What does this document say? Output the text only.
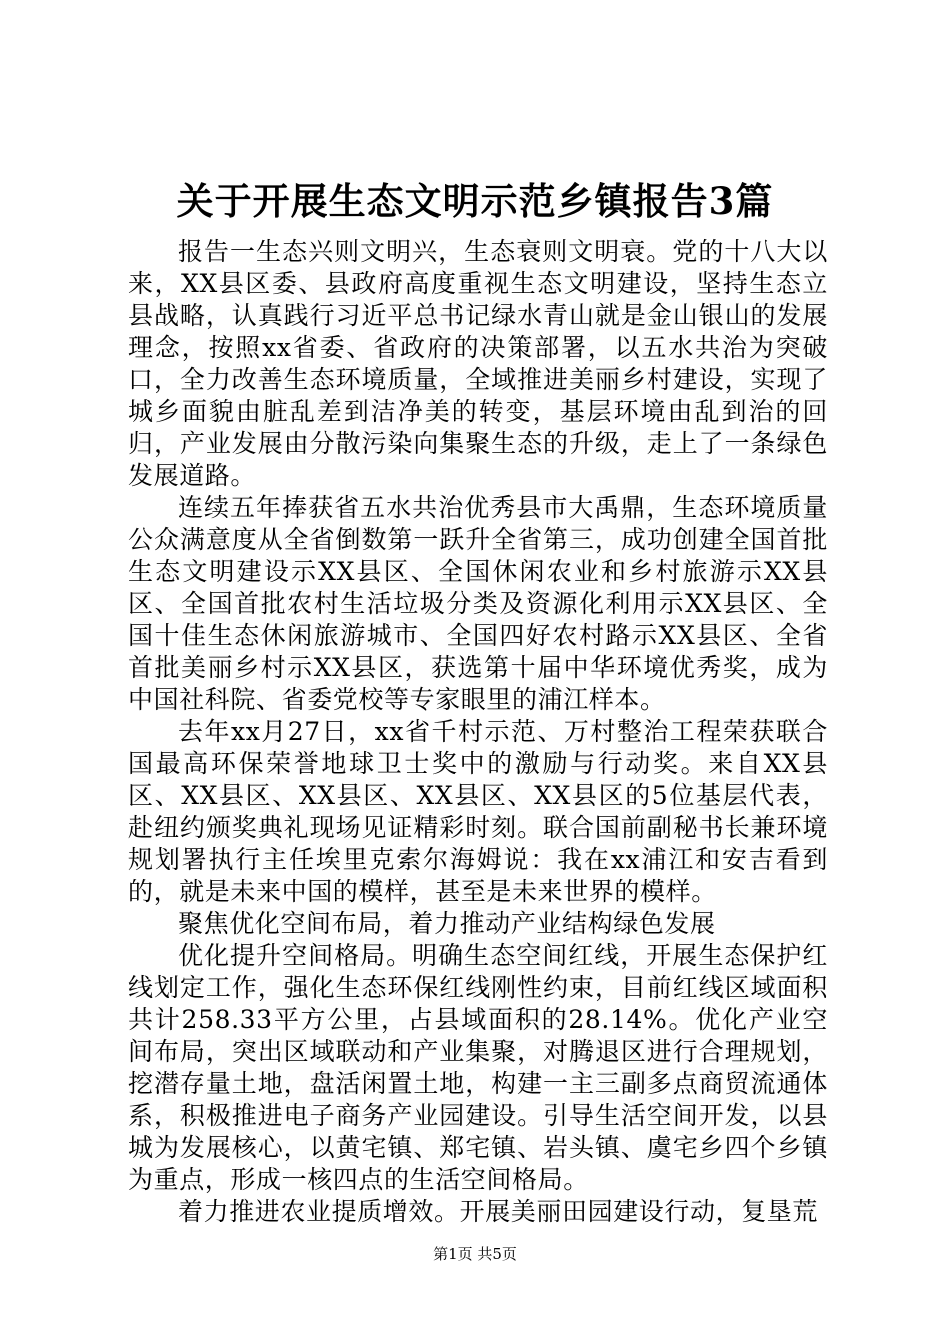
关于开展生态文明示范乡镇报告3篇

报告一生态兴则文明兴，生态衰则文明衰。党的十八大以来，XX县区委、县政府高度重视生态文明建设，坚持生态立县战略，认真践行习近平总书记绿水青山就是金山银山的发展理念，按照xx省委、省政府的决策部署，以五水共治为突破口，全力改善生态环境质量，全域推进美丽乡村建设，实现了城乡面貌由脏乱差到洁净美的转变，基层环境由乱到治的回归，产业发展由分散污染向集聚生态的升级，走上了一条绿色发展道路。

连续五年捧获省五水共治优秀县市大禹鼎，生态环境质量公众满意度从全省倒数第一跃升全省第三，成功创建全国首批生态文明建设示XX县区、全国休闲农业和乡村旅游示XX县区、全国首批农村生活垃圾分类及资源化利用示XX县区、全国十佳生态休闲旅游城市、全国四好农村路示XX县区、全省首批美丽乡村示XX县区，获选第十届中华环境优秀奖，成为中国社科院、省委党校等专家眼里的浦江样本。

去年xx月27日，xx省千村示范、万村整治工程荣获联合国最高环保荣誉地球卫士奖中的激励与行动奖。来自XX县区、XX县区、XX县区、XX县区、XX县区的5位基层代表，赴纽约颁奖典礼现场见证精彩时刻。联合国前副秘书长兼环境规划署执行主任埃里克索尔海姆说：我在xx浦江和安吉看到的，就是未来中国的模样，甚至是未来世界的模样。

聚焦优化空间布局，着力推动产业结构绿色发展

优化提升空间格局。明确生态空间红线，开展生态保护红线划定工作，强化生态环保红线刚性约束，目前红线区域面积共计258.33平方公里，占县域面积的28.14%。优化产业空间布局，突出区域联动和产业集聚，对腾退区进行合理规划，挖潜存量土地，盘活闲置土地，构建一主三副多点商贸流通体系，积极推进电子商务产业园建设。引导生活空间开发，以县城为发展核心，以黄宅镇、郑宅镇、岩头镇、虞宅乡四个乡镇为重点，形成一核四点的生活空间格局。

着力推进农业提质增效。开展美丽田园建设行动，复垦荒

第1页 共5页
